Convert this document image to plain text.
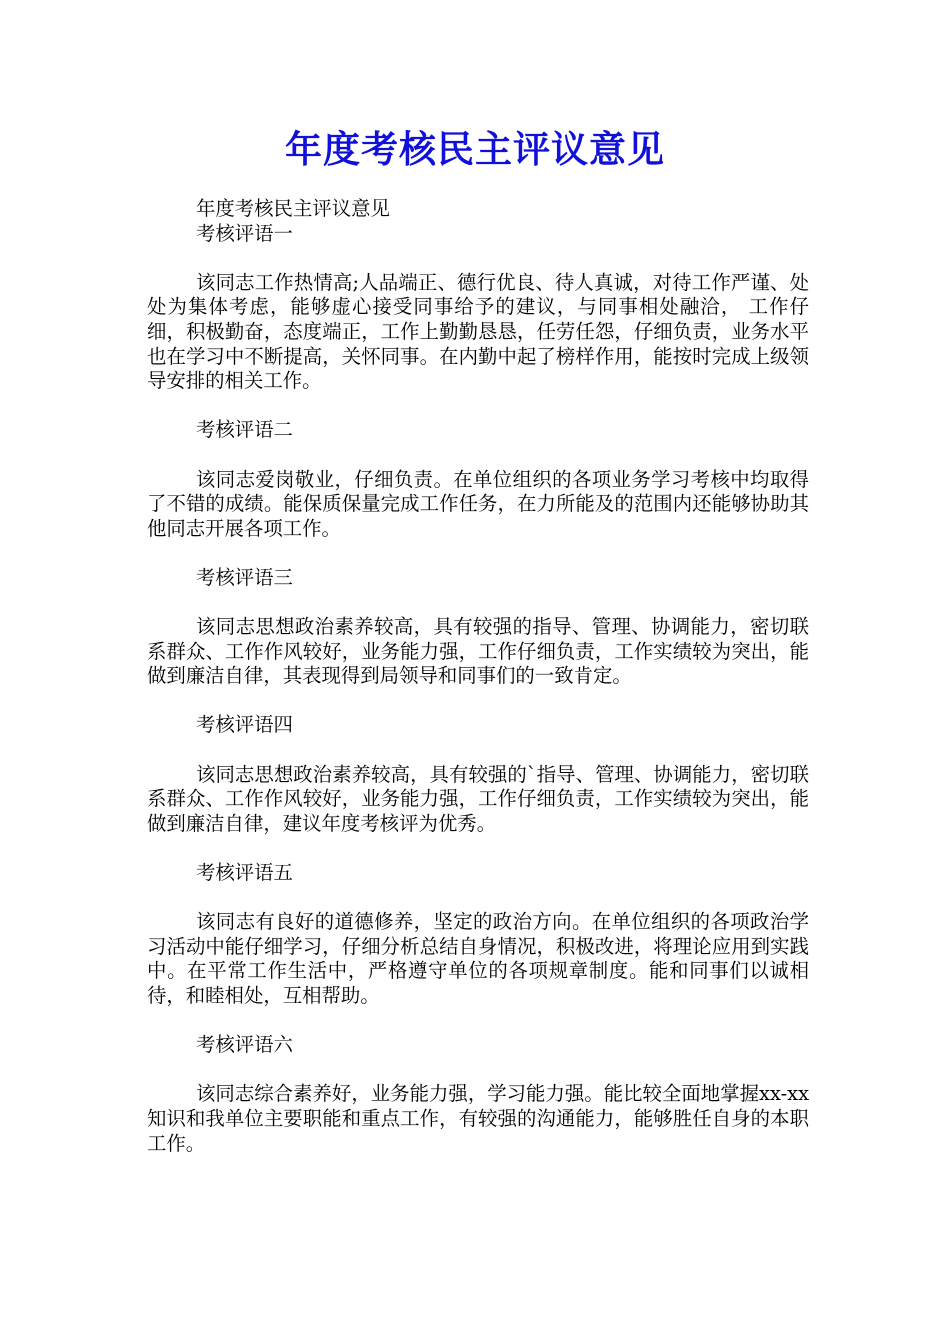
年度考核民主评议意见

年度考核民主评议意见

考核评语一

该同志工作热情高;人品端正、德行优良、待人真诚，对待工作严谨、处处为集体考虑，能够虚心接受同事给予的建议，与同事相处融洽， 工作仔细，积极勤奋，态度端正，工作上勤勤恳恳，任劳任怨，仔细负责，业务水平也在学习中不断提高，关怀同事。在内勤中起了榜样作用，能按时完成上级领导安排的相关工作。

考核评语二

该同志爱岗敬业，仔细负责。在单位组织的各项业务学习考核中均取得了不错的成绩。能保质保量完成工作任务，在力所能及的范围内还能够协助其他同志开展各项工作。

考核评语三

该同志思想政治素养较高，具有较强的指导、管理、协调能力，密切联系群众、工作作风较好，业务能力强，工作仔细负责，工作实绩较为突出，能做到廉洁自律，其表现得到局领导和同事们的一致肯定。

考核评语四

该同志思想政治素养较高，具有较强的`指导、管理、协调能力，密切联系群众、工作作风较好，业务能力强，工作仔细负责，工作实绩较为突出，能做到廉洁自律，建议年度考核评为优秀。

考核评语五

该同志有良好的道德修养，坚定的政治方向。在单位组织的各项政治学习活动中能仔细学习，仔细分析总结自身情况，积极改进，将理论应用到实践中。在平常工作生活中，严格遵守单位的各项规章制度。能和同事们以诚相待，和睦相处，互相帮助。

考核评语六

该同志综合素养好，业务能力强，学习能力强。能比较全面地掌握xx-xx知识和我单位主要职能和重点工作，有较强的沟通能力，能够胜任自身的本职工作。
